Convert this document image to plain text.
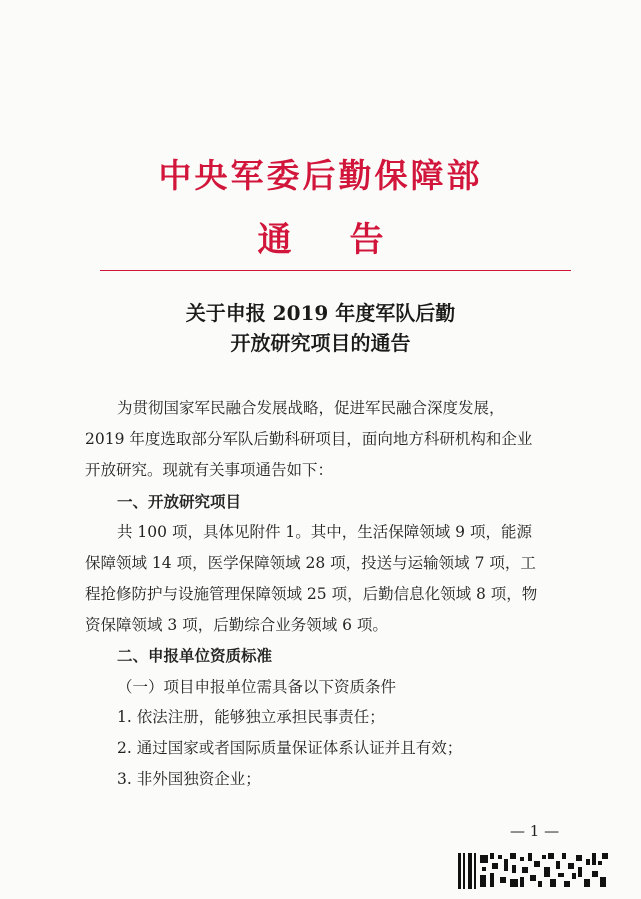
中央军委后勤保障部
通 告
关于申报 2019 年度军队后勤
开放研究项目的通告
为贯彻国家军民融合发展战略，促进军民融合深度发展，
2019 年度选取部分军队后勤科研项目，面向地方科研机构和企业
开放研究。现就有关事项通告如下：
一、开放研究项目
共 100 项，具体见附件 1。其中，生活保障领域 9 项，能源
保障领域 14 项，医学保障领域 28 项，投送与运输领域 7 项，工
程抢修防护与设施管理保障领域 25 项，后勤信息化领域 8 项，物
资保障领域 3 项，后勤综合业务领域 6 项。
二、申报单位资质标准
（一）项目申报单位需具备以下资质条件
1. 依法注册，能够独立承担民事责任；
2. 通过国家或者国际质量保证体系认证并且有效；
3. 非外国独资企业；
— 1 —
